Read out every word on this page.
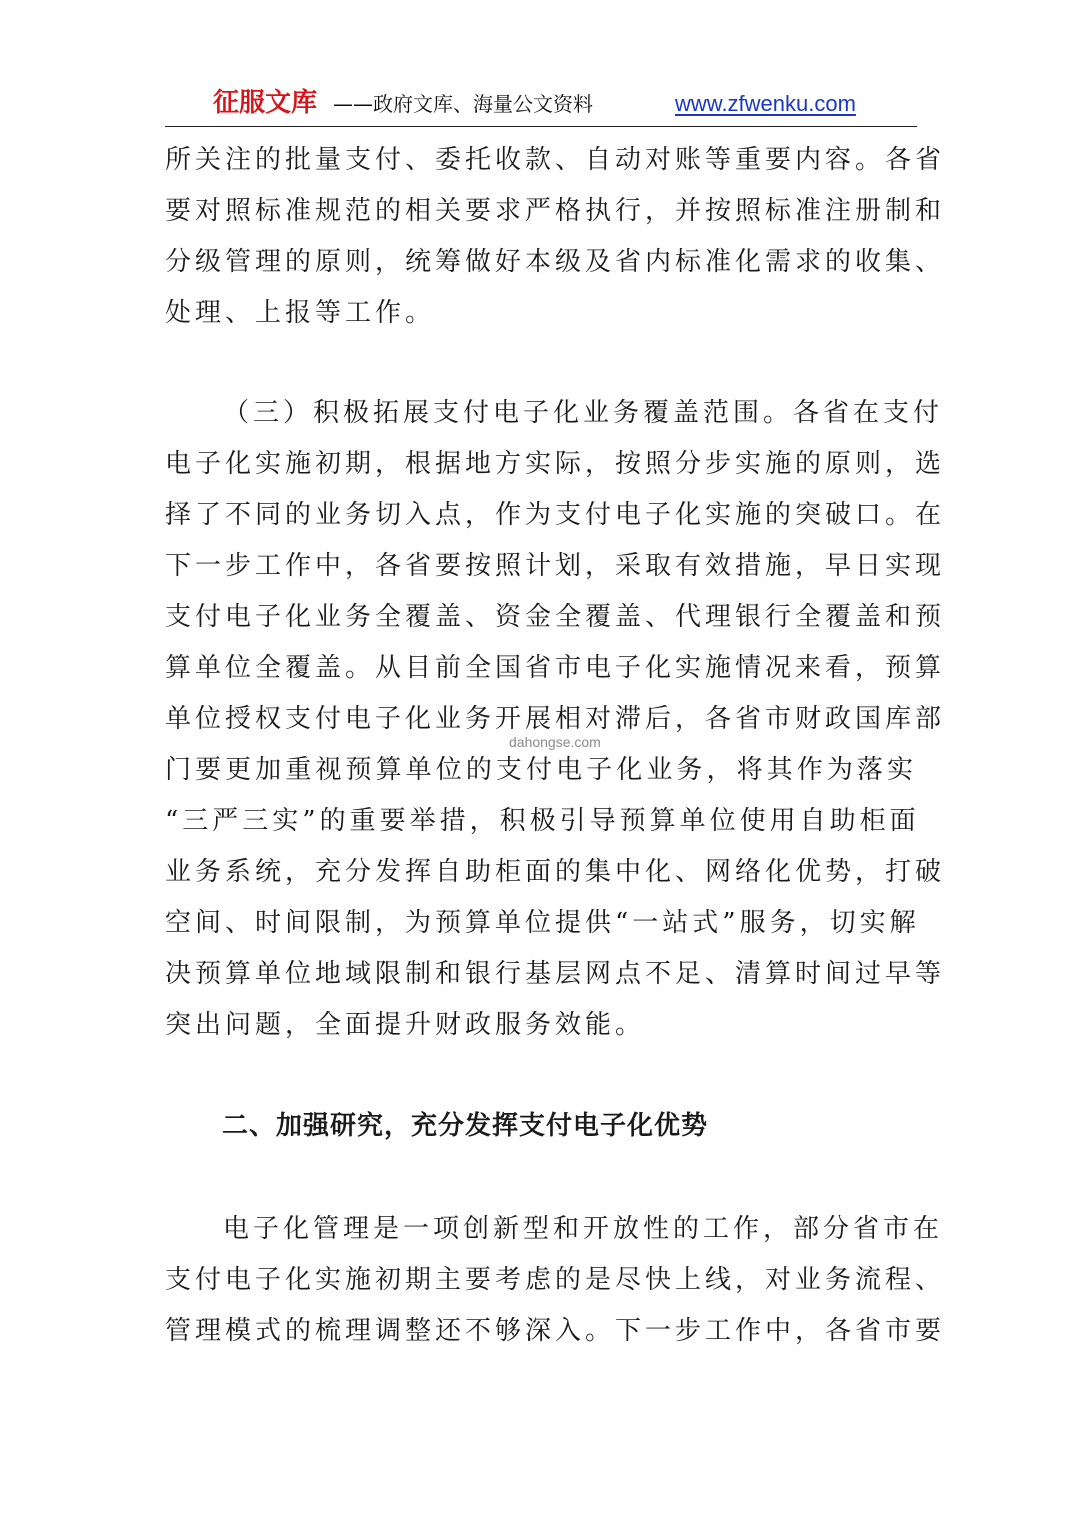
征服文库 ——政府文库、海量公文资料	www.zfwenku.com
所关注的批量支付、委托收款、自动对账等重要内容。各省
要对照标准规范的相关要求严格执行，并按照标准注册制和
分级管理的原则，统筹做好本级及省内标准化需求的收集、
处理、上报等工作。
（三）积极拓展支付电子化业务覆盖范围。各省在支付
电子化实施初期，根据地方实际，按照分步实施的原则，选
择了不同的业务切入点，作为支付电子化实施的突破口。在
下一步工作中，各省要按照计划，采取有效措施，早日实现
支付电子化业务全覆盖、资金全覆盖、代理银行全覆盖和预
算单位全覆盖。从目前全国省市电子化实施情况来看，预算
单位授权支付电子化业务开展相对滞后，各省市财政国库部
门要更加重视预算单位的支付电子化业务，将其作为落实
“三严三实”的重要举措，积极引导预算单位使用自助柜面
业务系统，充分发挥自助柜面的集中化、网络化优势，打破
空间、时间限制，为预算单位提供“一站式”服务，切实解
决预算单位地域限制和银行基层网点不足、清算时间过早等
突出问题，全面提升财政服务效能。
dahongse.com
二、加强研究，充分发挥支付电子化优势
电子化管理是一项创新型和开放性的工作，部分省市在
支付电子化实施初期主要考虑的是尽快上线，对业务流程、
管理模式的梳理调整还不够深入。下一步工作中，各省市要
